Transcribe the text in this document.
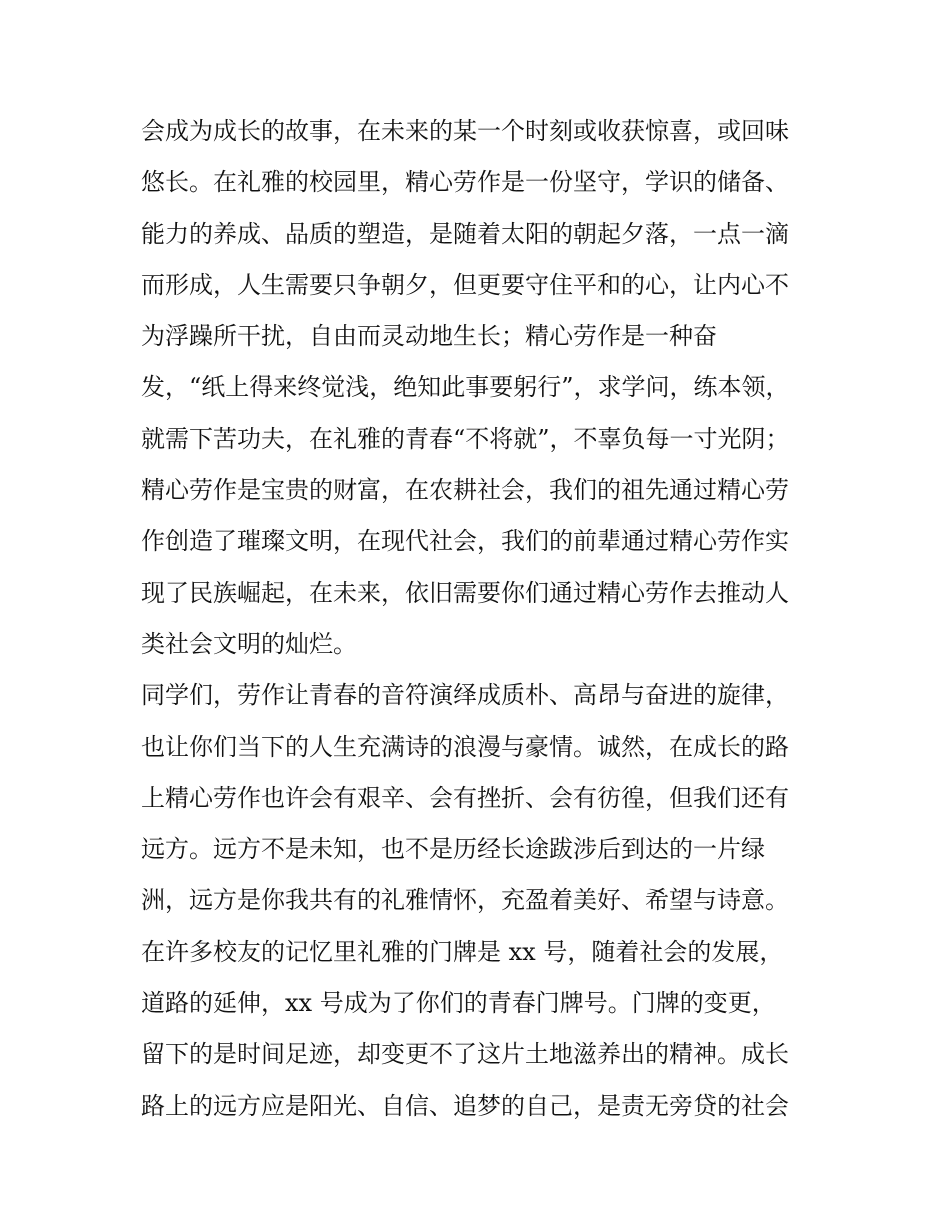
会成为成长的故事，在未来的某一个时刻或收获惊喜，或回味
悠长。在礼雅的校园里，精心劳作是一份坚守，学识的储备、
能力的养成、品质的塑造，是随着太阳的朝起夕落，一点一滴
而形成，人生需要只争朝夕，但更要守住平和的心，让内心不
为浮躁所干扰，自由而灵动地生长；精心劳作是一种奋
发，“纸上得来终觉浅，绝知此事要躬行”，求学问，练本领，
就需下苦功夫，在礼雅的青春“不将就”，不辜负每一寸光阴；
精心劳作是宝贵的财富，在农耕社会，我们的祖先通过精心劳
作创造了璀璨文明，在现代社会，我们的前辈通过精心劳作实
现了民族崛起，在未来，依旧需要你们通过精心劳作去推动人
类社会文明的灿烂。
同学们，劳作让青春的音符演绎成质朴、高昂与奋进的旋律，
也让你们当下的人生充满诗的浪漫与豪情。诚然，在成长的路
上精心劳作也许会有艰辛、会有挫折、会有彷徨，但我们还有
远方。远方不是未知，也不是历经长途跋涉后到达的一片绿
洲，远方是你我共有的礼雅情怀，充盈着美好、希望与诗意。
在许多校友的记忆里礼雅的门牌是 xx 号，随着社会的发展，
道路的延伸，xx 号成为了你们的青春门牌号。门牌的变更，
留下的是时间足迹，却变更不了这片土地滋养出的精神。成长
路上的远方应是阳光、自信、追梦的自己，是责无旁贷的社会
